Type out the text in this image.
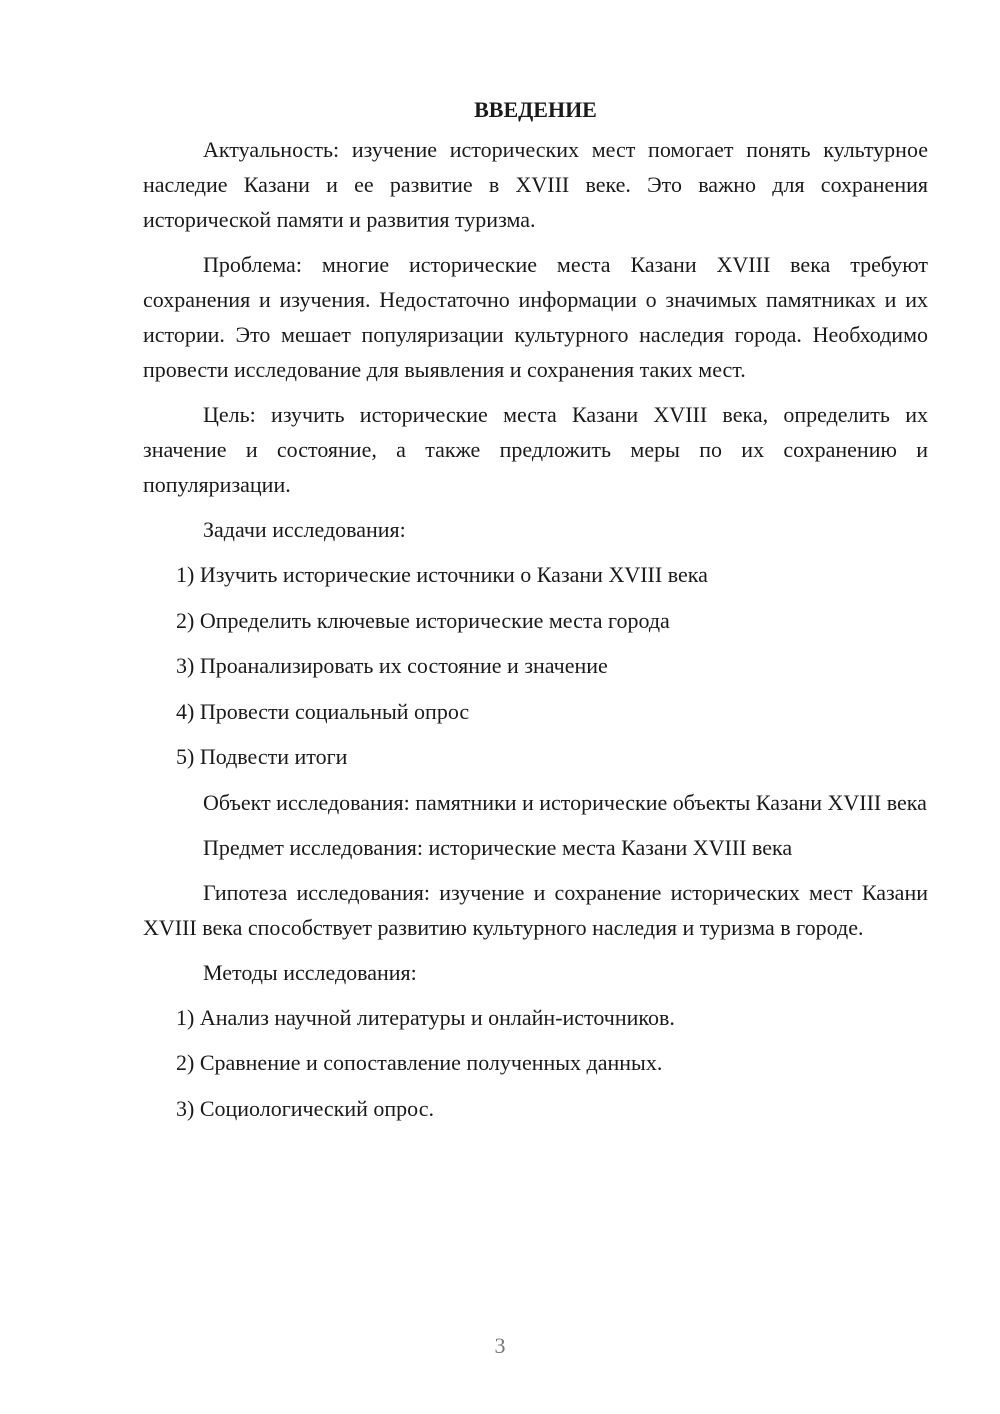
ВВЕДЕНИЕ

Актуальность: изучение исторических мест помогает понять культурное наследие Казани и ее развитие в XVIII веке. Это важно для сохранения исторической памяти и развития туризма.

Проблема: многие исторические места Казани XVIII века требуют сохранения и изучения. Недостаточно информации о значимых памятниках и их истории. Это мешает популяризации культурного наследия города. Необходимо провести исследование для выявления и сохранения таких мест.

Цель: изучить исторические места Казани XVIII века, определить их значение и состояние, а также предложить меры по их сохранению и популяризации.

Задачи исследования:

1) Изучить исторические источники о Казани XVIII века
2) Определить ключевые исторические места города
3) Проанализировать их состояние и значение
4) Провести социальный опрос
5) Подвести итоги

Объект исследования: памятники и исторические объекты Казани XVIII века

Предмет исследования: исторические места Казани XVIII века

Гипотеза исследования: изучение и сохранение исторических мест Казани XVIII века способствует развитию культурного наследия и туризма в городе.

Методы исследования:

1) Анализ научной литературы и онлайн-источников.
2) Сравнение и сопоставление полученных данных.
3) Социологический опрос.
3
